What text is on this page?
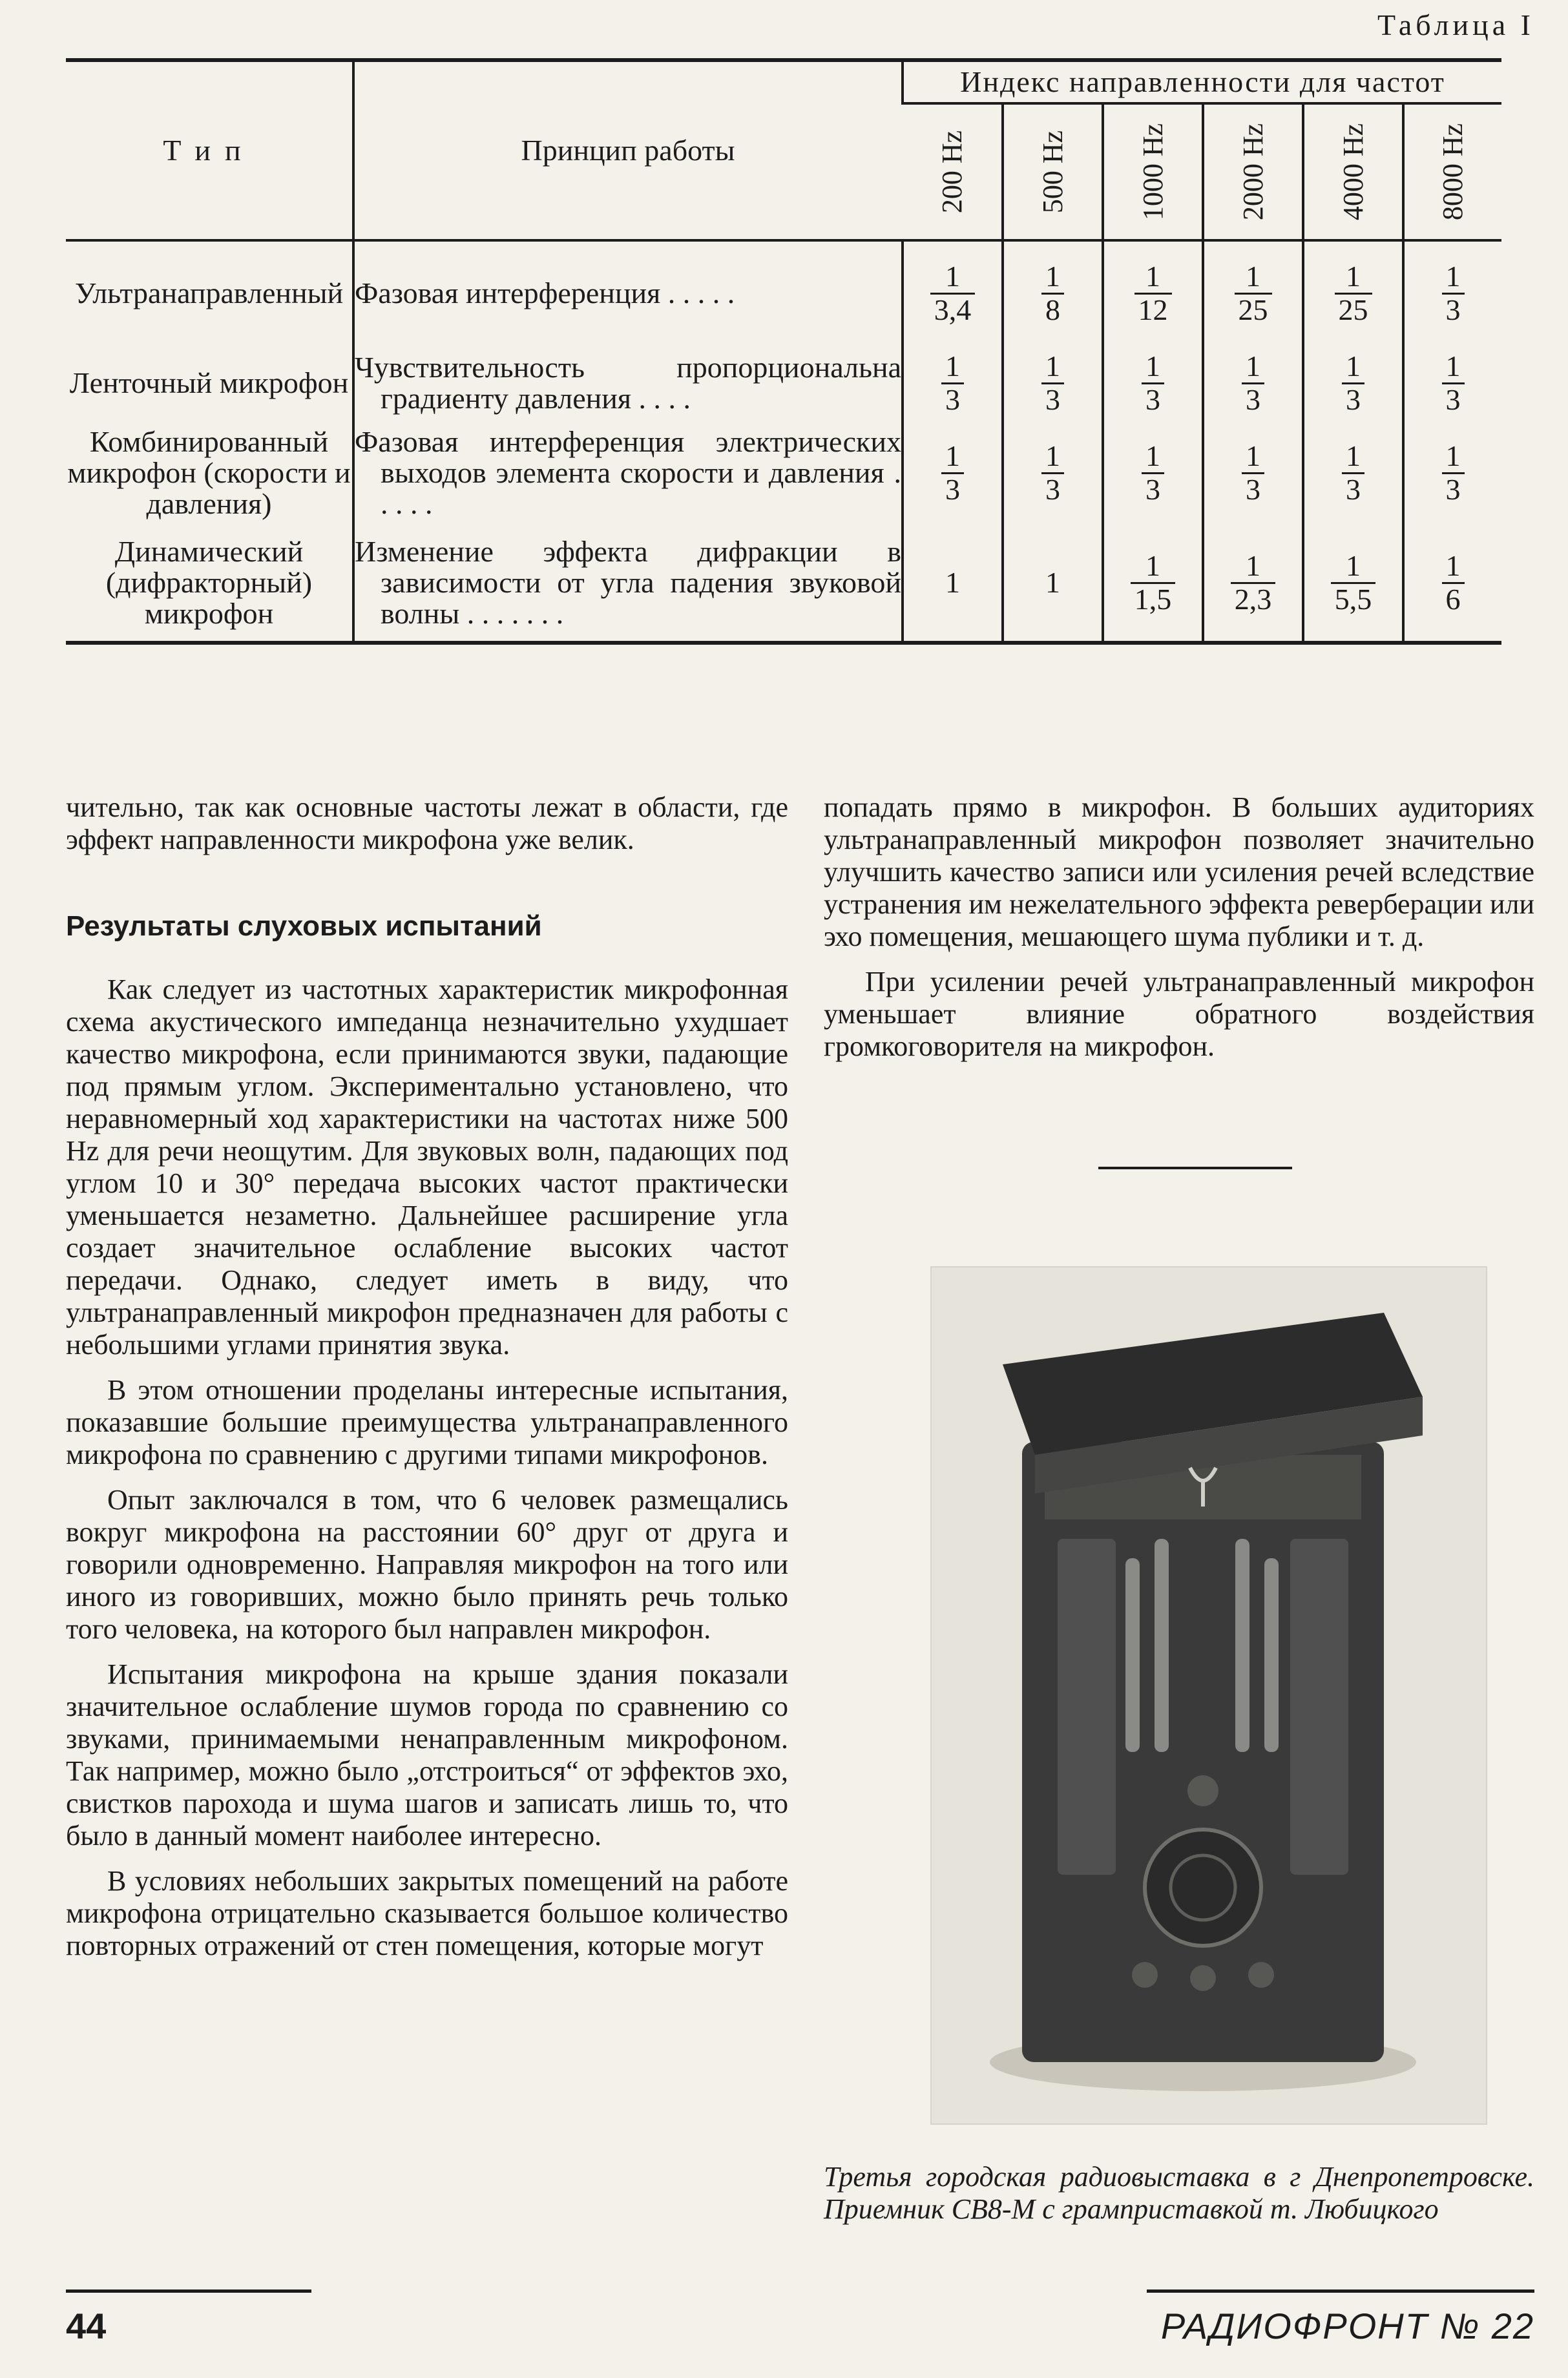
Таблица I
Тип	Принцип работы	Индекс направленности для частот					

		200 Hz	500 Hz	1000 Hz	2000 Hz	4000 Hz	8000 Hz

Ультранаправленный	Фазовая интерференция . . . . .	$\frac{1}{3,4}$	$\frac{1}{8}$	$\frac{1}{12}$	$\frac{1}{25}$	$\frac{1}{25}$	$\frac{1}{3}$

Ленточный микрофон	Чувствительность пропорциональна градиенту давления . . . .	$\frac{1}{3}$	$\frac{1}{3}$	$\frac{1}{3}$	$\frac{1}{3}$	$\frac{1}{3}$	$\frac{1}{3}$

Комбинированный микрофон (скорости и давления)	Фазовая интерференция электрических выходов элемента скорости и давления . . . . .	$\frac{1}{3}$	$\frac{1}{3}$	$\frac{1}{3}$	$\frac{1}{3}$	$\frac{1}{3}$	$\frac{1}{3}$

Динамический (дифракторный) микрофон	Изменение эффекта дифракции в зависимости от угла падения звуковой волны . . . . . . .	1	1	$\frac{1}{1,5}$	$\frac{1}{2,3}$	$\frac{1}{5,5}$	$\frac{1}{6}$

чительно, так как основные частоты лежат в области, где эффект направленности микрофона уже велик.

Результаты слуховых испытаний

Как следует из частотных характеристик микрофонная схема акустического импеданца незначительно ухудшает качество микрофона, если принимаются звуки, падающие под прямым углом. Экспериментально установлено, что неравномерный ход характеристики на частотах ниже 500 Hz для речи неощутим. Для звуковых волн, падающих под углом 10 и 30° передача высоких частот практически уменьшается незаметно. Дальнейшее расширение угла создает значительное ослабление высоких частот передачи. Однако, следует иметь в виду, что ультранаправленный микрофон предназначен для работы с небольшими углами принятия звука.

В этом отношении проделаны интересные испытания, показавшие большие преимущества ультранаправленного микрофона по сравнению с другими типами микрофонов.

Опыт заключался в том, что 6 человек размещались вокруг микрофона на расстоянии 60° друг от друга и говорили одновременно. Направляя микрофон на того или иного из говоривших, можно было принять речь только того человека, на которого был направлен микрофон.

Испытания микрофона на крыше здания показали значительное ослабление шумов города по сравнению со звуками, принимаемыми ненаправленным микрофоном. Так например, можно было „отстроиться“ от эффектов эхо, свистков парохода и шума шагов и записать лишь то, что было в данный момент наиболее интересно.

В условиях небольших закрытых помещений на работе микрофона отрицательно сказывается большое количество повторных отражений от стен помещения, которые могут

попадать прямо в микрофон. В больших аудиториях ультранаправленный микрофон позволяет значительно улучшить качество записи или усиления речей вследствие устранения им нежелательного эффекта реверберации или эхо помещения, мешающего шума публики и т. д.

При усилении речей ультранаправленный микрофон уменьшает влияние обратного воздействия громкоговорителя на микрофон.

Третья городская радиовыставка в г Днепропетровске. Приемник СВ8-М с грамприставкой т. Любицкого
44	РАДИОФРОНТ № 22
